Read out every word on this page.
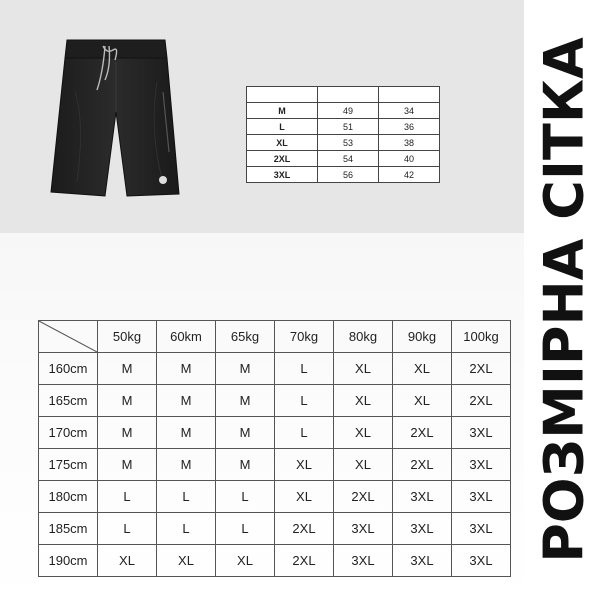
M	49	34
L	51	36
XL	53	38
2XL	54	40
3XL	56	42
	50kg	60km	65kg	70kg	80kg	90kg	100kg
160cm	M	M	M	L	XL	XL	2XL
165cm	M	M	M	L	XL	XL	2XL
170cm	M	M	M	L	XL	2XL	3XL
175cm	M	M	M	XL	XL	2XL	3XL
180cm	L	L	L	XL	2XL	3XL	3XL
185cm	L	L	L	2XL	3XL	3XL	3XL
190cm	XL	XL	XL	2XL	3XL	3XL	3XL РОЗМІРНА СІТКА
